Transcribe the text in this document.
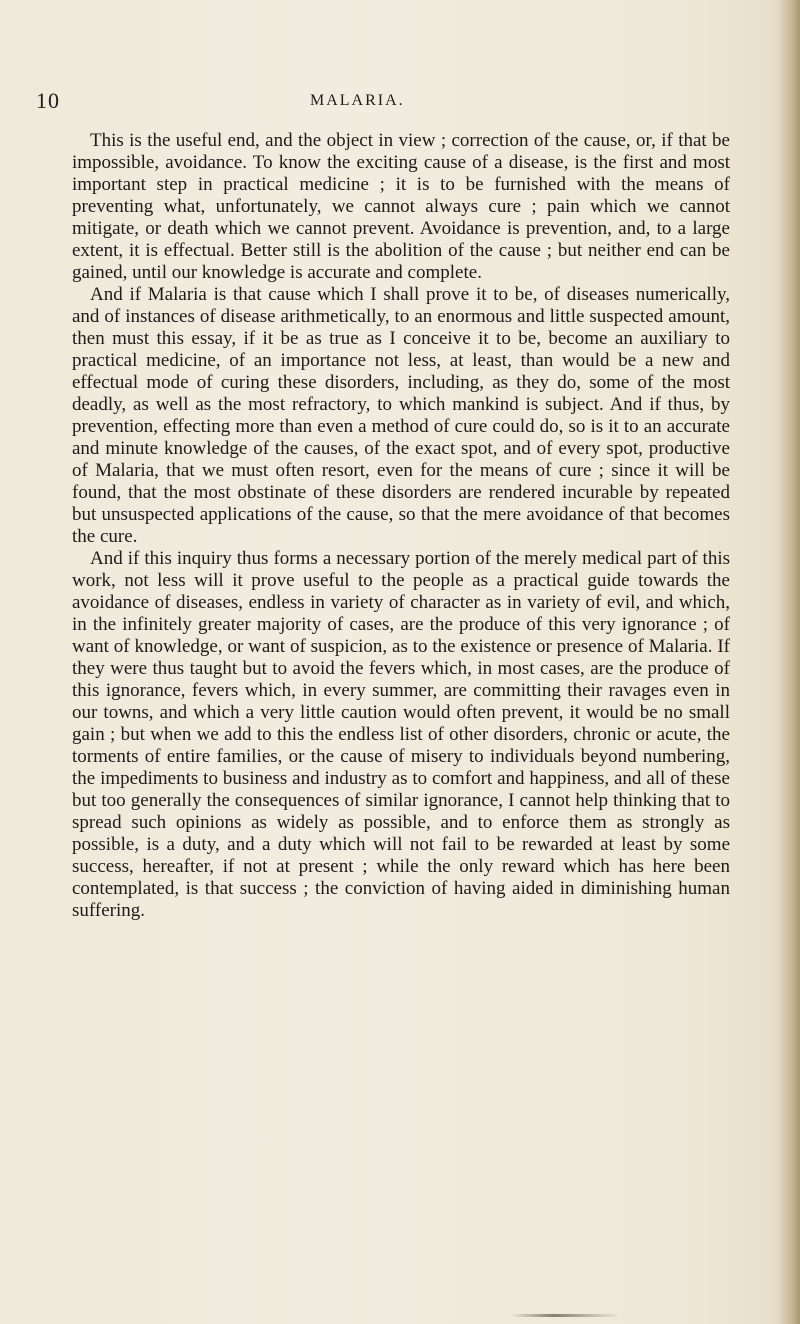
10	MALARIA.

This is the useful end, and the object in view ; correction of the cause, or, if that be impossible, avoidance. To know the exciting cause of a disease, is the first and most important step in practical medicine ; it is to be furnished with the means of preventing what, unfortunately, we cannot always cure ; pain which we cannot mitigate, or death which we cannot prevent. Avoidance is prevention, and, to a large extent, it is effectual. Better still is the abolition of the cause ; but neither end can be gained, until our knowledge is accurate and complete.

And if Malaria is that cause which I shall prove it to be, of diseases numerically, and of instances of disease arithmetically, to an enormous and little suspected amount, then must this essay, if it be as true as I conceive it to be, become an auxiliary to practical medicine, of an importance not less, at least, than would be a new and effectual mode of curing these disorders, including, as they do, some of the most deadly, as well as the most refractory, to which mankind is subject. And if thus, by prevention, effecting more than even a method of cure could do, so is it to an accurate and minute knowledge of the causes, of the exact spot, and of every spot, productive of Malaria, that we must often resort, even for the means of cure ; since it will be found, that the most obstinate of these disorders are rendered incurable by repeated but unsuspected applications of the cause, so that the mere avoidance of that becomes the cure.

And if this inquiry thus forms a necessary portion of the merely medical part of this work, not less will it prove useful to the people as a practical guide towards the avoidance of diseases, endless in variety of character as in variety of evil, and which, in the infinitely greater majority of cases, are the produce of this very ignorance ; of want of knowledge, or want of suspicion, as to the existence or presence of Malaria. If they were thus taught but to avoid the fevers which, in most cases, are the produce of this ignorance, fevers which, in every summer, are committing their ravages even in our towns, and which a very little caution would often prevent, it would be no small gain ; but when we add to this the endless list of other disorders, chronic or acute, the torments of entire families, or the cause of misery to individuals beyond numbering, the impediments to business and industry as to comfort and happiness, and all of these but too generally the consequences of similar ignorance, I cannot help thinking that to spread such opinions as widely as possible, and to enforce them as strongly as possible, is a duty, and a duty which will not fail to be rewarded at least by some success, hereafter, if not at present ; while the only reward which has here been contemplated, is that success ; the conviction of having aided in diminishing human suffering.
